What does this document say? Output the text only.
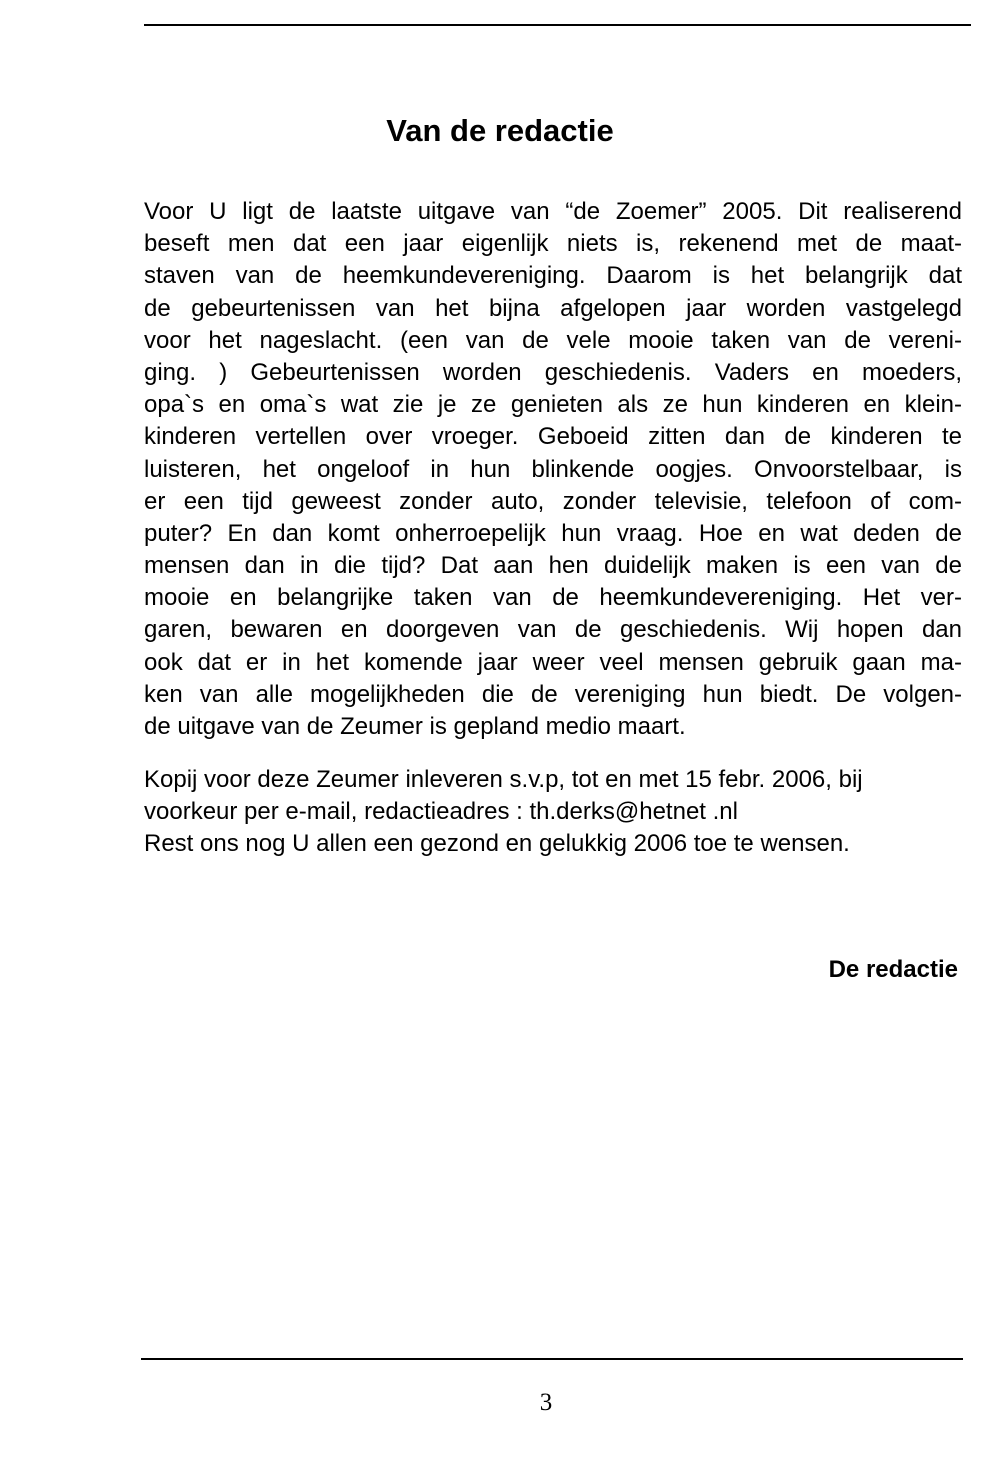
Van de redactie
Voor U ligt de laatste uitgave van “de Zoemer” 2005. Dit realiserend
beseft men dat een jaar eigenlijk niets is, rekenend met de maat-
staven van de heemkundevereniging. Daarom is het belangrijk dat
de gebeurtenissen van het bijna afgelopen jaar worden vastgelegd
voor het nageslacht. (een van de vele mooie taken van de vereni-
ging. ) Gebeurtenissen worden geschiedenis. Vaders en moeders,
opa`s en oma`s wat zie je ze genieten als ze hun kinderen en klein-
kinderen vertellen over vroeger. Geboeid zitten dan de kinderen te
luisteren, het ongeloof in hun blinkende oogjes. Onvoorstelbaar, is
er een tijd geweest zonder auto, zonder televisie, telefoon of com-
puter? En dan komt onherroepelijk hun vraag. Hoe en wat deden de
mensen dan in die tijd? Dat aan hen duidelijk maken is een van de
mooie en belangrijke taken van de heemkundevereniging. Het ver-
garen, bewaren en doorgeven van de geschiedenis. Wij hopen dan
ook dat er in het komende jaar weer veel mensen gebruik gaan ma-
ken van alle mogelijkheden die de vereniging hun biedt. De volgen-
de uitgave van de Zeumer is gepland medio maart.
Kopij voor deze Zeumer inleveren s.v.p, tot en met 15 febr. 2006, bij
voorkeur per e-mail, redactieadres : th.derks@hetnet .nl
Rest ons nog U allen een gezond en gelukkig 2006 toe te wensen.

De redactie

3
